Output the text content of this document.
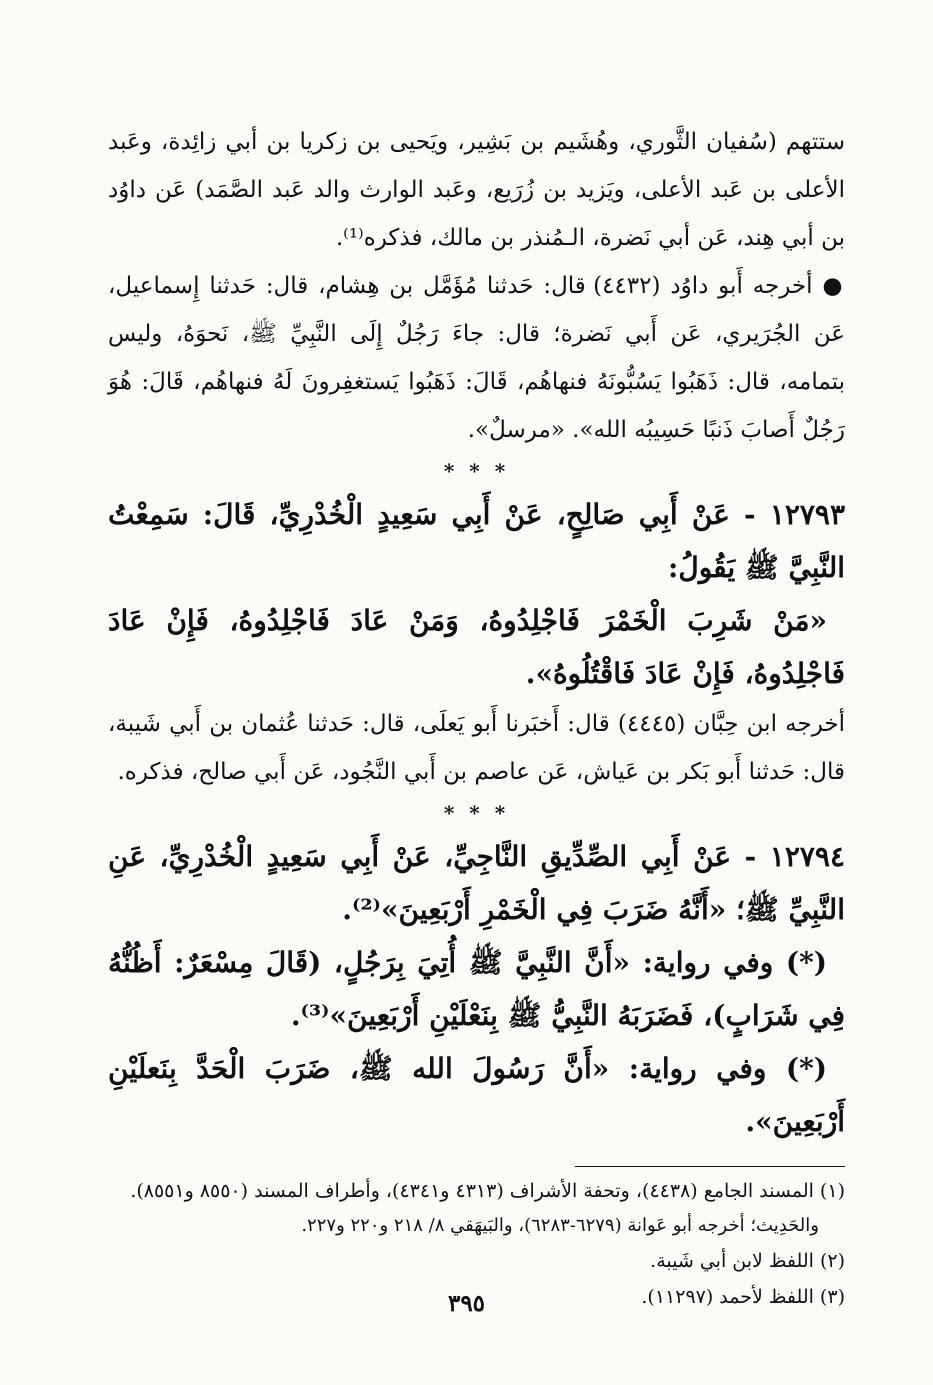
ستتهم (سُفيان الثَّوري، وهُشَيم بن بَشِير، ويَحيى بن زكريا بن أبي زائِدة، وعَبد الأعلى بن عَبد الأعلى، ويَزيد بن زُرَيع، وعَبد الوارث والد عَبد الصَّمَد) عَن داوُد بن أبي هِند، عَن أبي نَضرة، الـمُنذر بن مالك، فذكره⁽¹⁾.

● أخرجه أَبو داوُد (٤٤٣٢) قال: حَدثنا مُؤَمَّل بن هِشام، قال: حَدثنا إِسماعيل، عَن الجُرَيري، عَن أَبي نَضرة؛ قال: جاءَ رَجُلٌ إِلَى النَّبِيِّ ﷺ، نَحوَهُ، وليس بتمامه، قال: ذَهَبُوا يَسُبُّونَهُ فنهاهُم، قَالَ: ذَهَبُوا يَستغفِرونَ لَهُ فنهاهُم، قَالَ: هُوَ رَجُلٌ أَصابَ ذَنبًا حَسِيبُه الله». «مرسلٌ».

* * *

١٢٧٩٣ - عَنْ أَبِي صَالِحٍ، عَنْ أَبِي سَعِيدٍ الْخُدْرِيِّ، قَالَ: سَمِعْتُ النَّبِيَّ ﷺ يَقُولُ:

«مَنْ شَرِبَ الْخَمْرَ فَاجْلِدُوهُ، وَمَنْ عَادَ فَاجْلِدُوهُ، فَإِنْ عَادَ فَاجْلِدُوهُ، فَإِنْ عَادَ فَاقْتُلُوهُ».

أخرجه ابن حِبَّان (٤٤٤٥) قال: أَخبَرنا أَبو يَعلَى، قال: حَدثنا عُثمان بن أَبي شَيبة، قال: حَدثنا أَبو بَكر بن عَياش، عَن عاصم بن أَبي النَّجُود، عَن أَبي صالح، فذكره.

* * *

١٢٧٩٤ - عَنْ أَبِي الصِّدِّيقِ النَّاجِيِّ، عَنْ أَبِي سَعِيدٍ الْخُدْرِيِّ، عَنِ النَّبِيِّ ﷺ؛ «أَنَّهُ ضَرَبَ فِي الْخَمْرِ أَرْبَعِينَ»⁽²⁾.

(*) وفي رواية: «أَنَّ النَّبِيَّ ﷺ أُتِيَ بِرَجُلٍ، (قَالَ مِسْعَرٌ: أَظُنُّهُ فِي شَرَابٍ)، فَضَرَبَهُ النَّبِيُّ ﷺ بِنَعْلَيْنِ أَرْبَعِينَ»⁽³⁾.

(*) وفي رواية: «أَنَّ رَسُولَ الله ﷺ، ضَرَبَ الْحَدَّ بِنَعلَيْنِ أَرْبَعِينَ».

(١) المسند الجامع (٤٤٣٨)، وتحفة الأشراف (٤٣١٣ و٤٣٤١)، وأطراف المسند (٨٥٥٠ و٨٥٥١).

والحَدِيث؛ أخرجه أبو عَوانة (٦٢٧٩-٦٢٨٣)، والبَيهَقي ٨/ ٢١٨ و٢٢٠ و٢٢٧.

(٢) اللفظ لابن أبي شَيبة.

(٣) اللفظ لأحمد (١١٢٩٧).

٣٩٥
